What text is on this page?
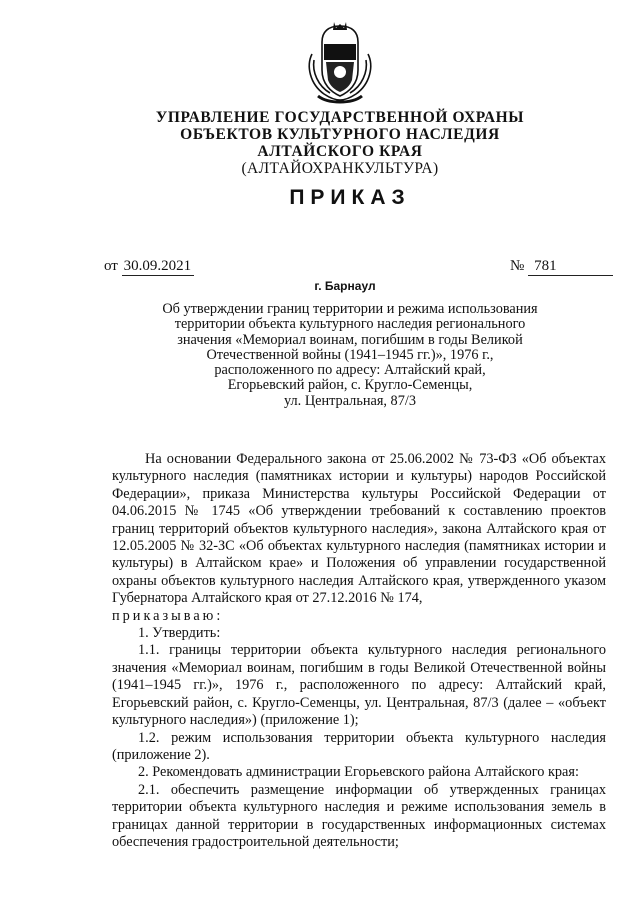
УПРАВЛЕНИЕ ГОСУДАРСТВЕННОЙ ОХРАНЫ
ОБЪЕКТОВ КУЛЬТУРНОГО НАСЛЕДИЯ
АЛТАЙСКОГО КРАЯ
(АЛТАЙОХРАНКУЛЬТУРА)
ПРИКАЗ
от 30.09.2021	№ 781
г. Барнаул
Об утверждении границ территории и режима использования
территории объекта культурного наследия регионального
значения «Мемориал воинам, погибшим в годы Великой
Отечественной войны (1941–1945 гг.)», 1976 г.,
расположенного по адресу: Алтайский край,
Егорьевский район, с. Кругло-Семенцы,
ул. Центральная, 87/3

На основании Федерального закона от 25.06.2002 № 73-ФЗ «Об объектах культурного наследия (памятниках истории и культуры) народов Российской Федерации», приказа Министерства культуры Российской Федерации от 04.06.2015 № 1745 «Об утверждении требований к составлению проектов границ территорий объектов культурного наследия», закона Алтайского края от 12.05.2005 № 32-ЗС «Об объектах культурного наследия (памятниках истории и культуры) в Алтайском крае» и Положения об управлении государственной охраны объектов культурного наследия Алтайского края, утвержденного указом Губернатора Алтайского края от 27.12.2016 № 174,

приказываю:

1. Утвердить:

1.1. границы территории объекта культурного наследия регионального значения «Мемориал воинам, погибшим в годы Великой Отечественной войны (1941–1945 гг.)», 1976 г., расположенного по адресу: Алтайский край, Егорьевский район, с. Кругло-Семенцы, ул. Центральная, 87/3 (далее – «объект культурного наследия») (приложение 1);

1.2. режим использования территории объекта культурного наследия (приложение 2).

2. Рекомендовать администрации Егорьевского района Алтайского края:

2.1. обеспечить размещение информации об утвержденных границах территории объекта культурного наследия и режиме использования земель в границах данной территории в государственных информационных системах обеспечения градостроительной деятельности;
